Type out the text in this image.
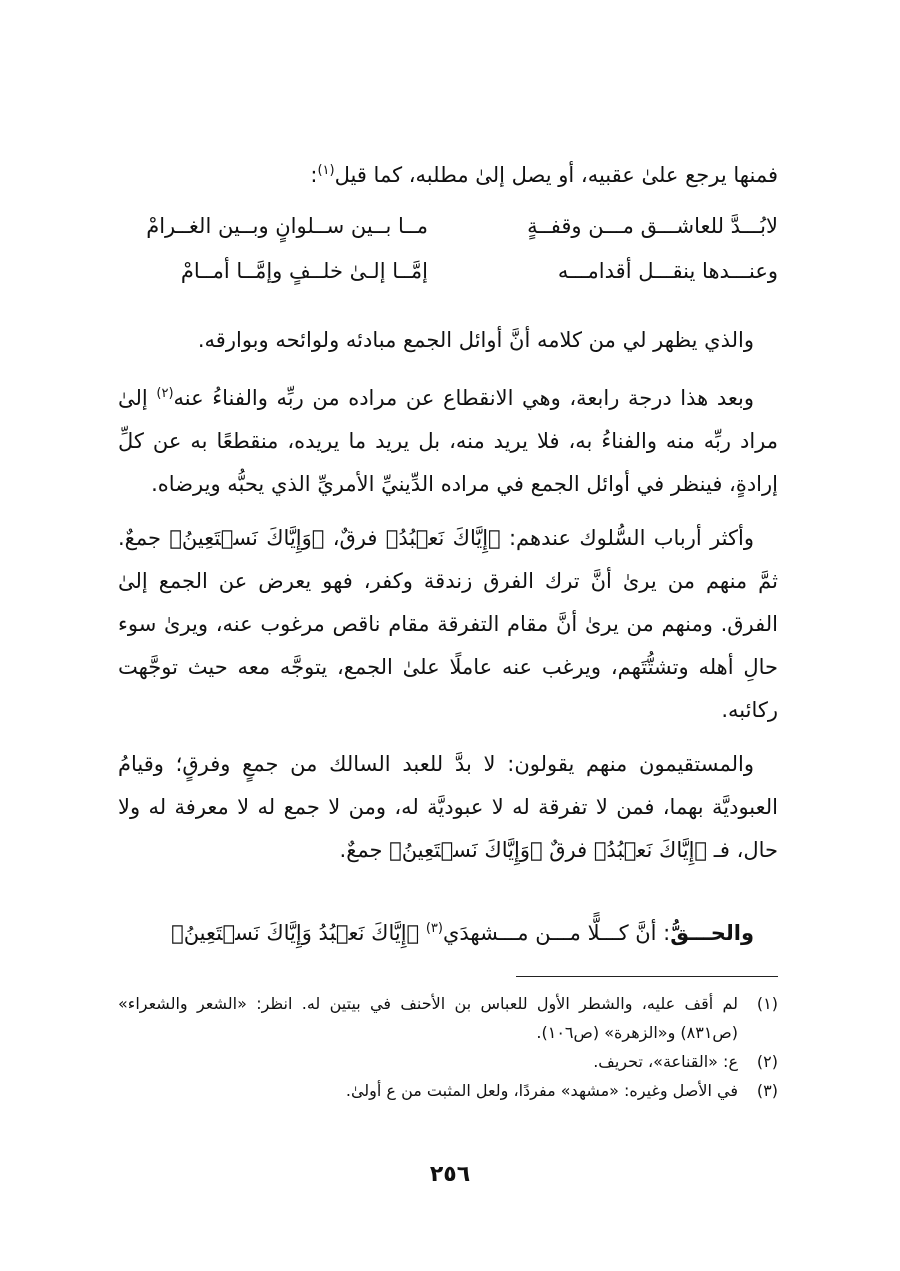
فمنها يرجع علىٰ عقبيه، أو يصل إلىٰ مطلبه، كما قيل$^{(١)}$:
لابُـــدَّ للعاشـــق مـــن وقفــةٍ
مــا بــين ســلوانٍ وبــين الغــرامْ
وعنـــدها ينقـــل أقدامـــه
إمَّــا إلـىٰ خلــفٍ وإمَّــا أمــامْ
والذي يظهر لي من كلامه أنَّ أوائل الجمع مبادئه ولوائحه وبوارقه.
وبعد هذا درجة رابعة، وهي الانقطاع عن مراده من ربِّه والفناءُ عنه$^{(٢)}$ إلىٰ مراد ربِّه منه والفناءُ به، فلا يريد منه، بل يريد ما يريده، منقطعًا به عن كلِّ إرادةٍ، فينظر في أوائل الجمع في مراده الدِّينيِّ الأمريِّ الذي يحبُّه ويرضاه.
وأكثر أرباب السُّلوك عندهم: ﴿إِيَّاكَ نَعۡبُدُ﴾ فرقٌ، ﴿وَإِيَّاكَ نَسۡتَعِينُ﴾ جمعٌ. ثمَّ منهم من يرىٰ أنَّ ترك الفرق زندقة وكفر، فهو يعرض عن الجمع إلىٰ الفرق. ومنهم من يرىٰ أنَّ مقام التفرقة مقام ناقص مرغوب عنه، ويرىٰ سوء حالِ أهله وتشتُّتَهم، ويرغب عنه عاملًا علىٰ الجمع، يتوجَّه معه حيث توجَّهت ركائبه.
والمستقيمون منهم يقولون: لا بدَّ للعبد السالك من جمعٍ وفرقٍ؛ وقيامُ العبوديَّة بهما، فمن لا تفرقة له لا عبوديَّة له، ومن لا جمع له لا معرفة له ولا حال، فـ ﴿إِيَّاكَ نَعۡبُدُ﴾ فرقٌ ﴿وَإِيَّاكَ نَسۡتَعِينُ﴾ جمعٌ.
والحـــقُّ: أنَّ كـــلًّا مـــن مـــشهدَي$^{(٣)}$ ﴿إِيَّاكَ نَعۡبُدُ وَإِيَّاكَ نَسۡتَعِينُ﴾
(١)
لم أقف عليه، والشطر الأول للعباس بن الأحنف في بيتين له. انظر: «الشعر والشعراء» (ص٨٣١) و«الزهرة» (ص١٠٦).
(٢)
ع: «القناعة»، تحريف.
(٣)
في الأصل وغيره: «مشهد» مفردًا، ولعل المثبت من ع أولىٰ.
٢٥٦
